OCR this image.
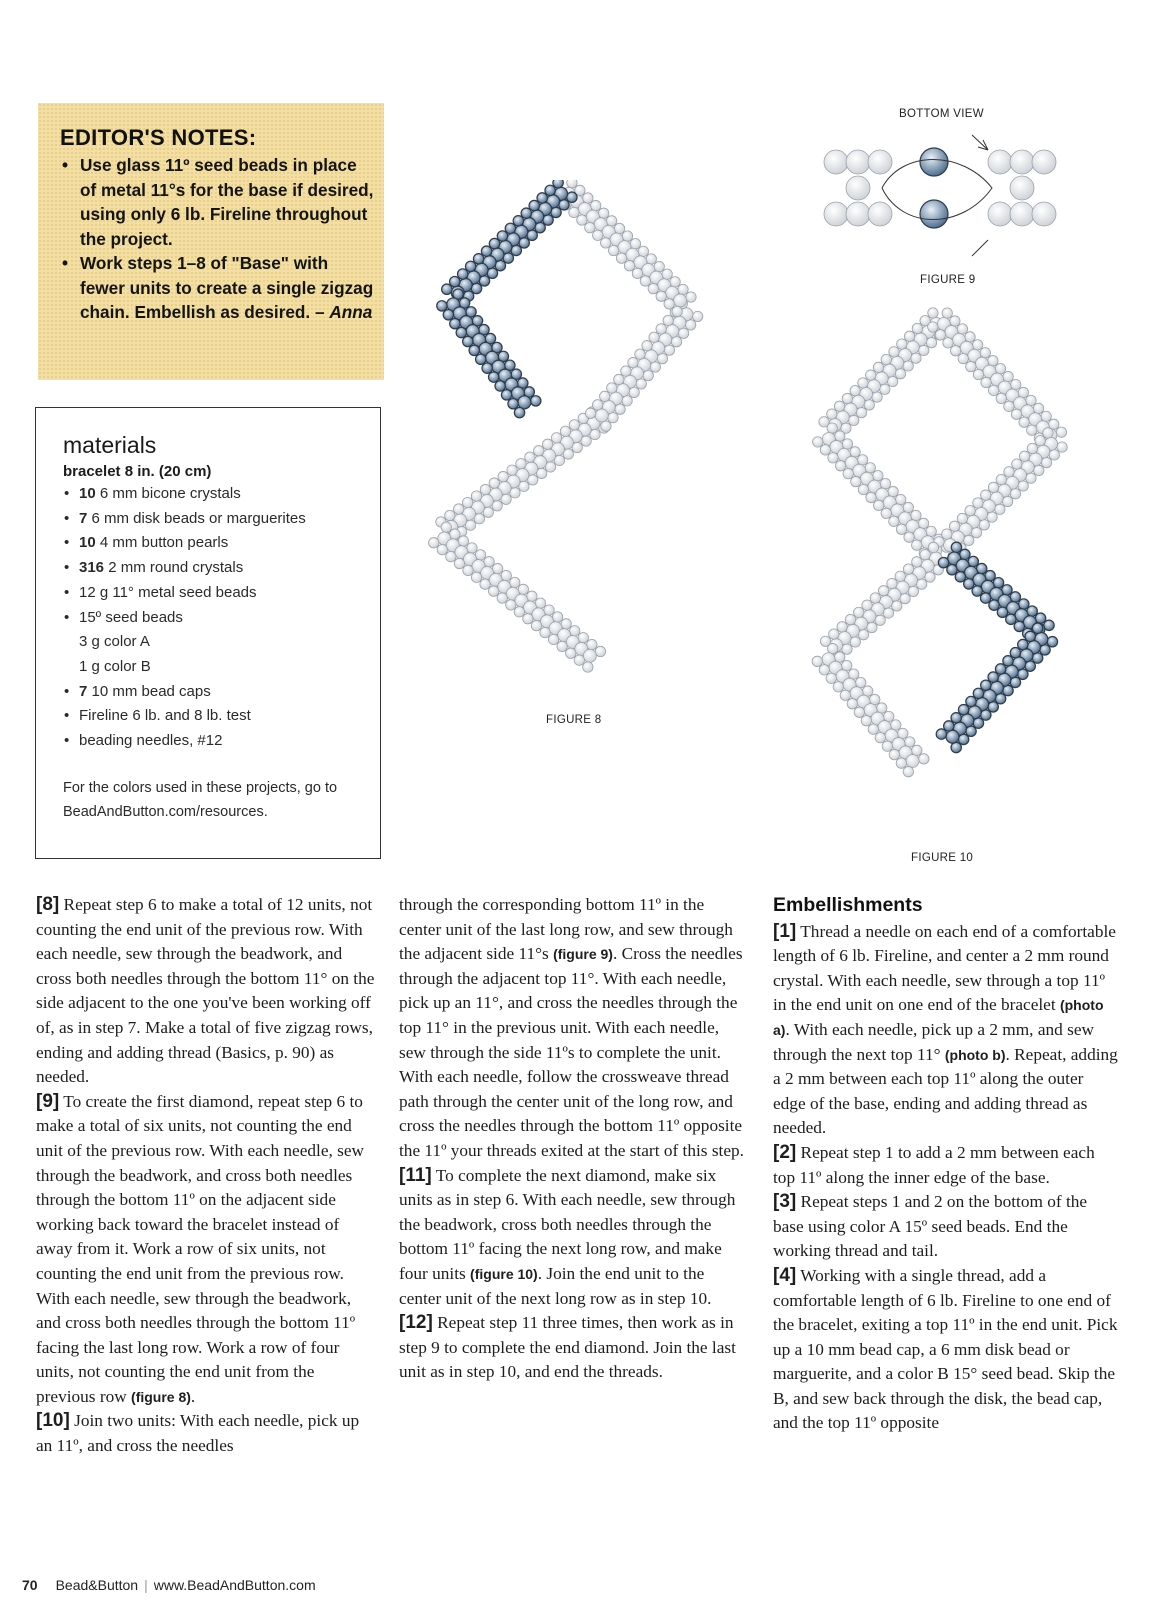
EDITOR'S NOTES:
• Use glass 11º seed beads in place of metal 11°s for the base if desired, using only 6 lb. Fireline throughout the project.
• Work steps 1–8 of "Base" with fewer units to create a single zigzag chain. Embellish as desired. – Anna
materials
bracelet 8 in. (20 cm)
• 10 6 mm bicone crystals
• 7 6 mm disk beads or marguerites
• 10 4 mm button pearls
• 316 2 mm round crystals
• 12 g 11° metal seed beads
• 15º seed beads
3 g color A
1 g color B
• 7 10 mm bead caps
• Fireline 6 lb. and 8 lb. test
• beading needles, #12
For the colors used in these projects, go to BeadAndButton.com/resources.
FIGURE 8
BOTTOM VIEW
FIGURE 9
FIGURE 10

[8] Repeat step 6 to make a total of 12 units, not counting the end unit of the previous row. With each needle, sew through the beadwork, and cross both needles through the bottom 11° on the side adjacent to the one you've been working off of, as in step 7. Make a total of five zigzag rows, ending and adding thread (Basics, p. 90) as needed.

[9] To create the first diamond, repeat step 6 to make a total of six units, not counting the end unit of the previous row. With each needle, sew through the beadwork, and cross both needles through the bottom 11º on the adjacent side working back toward the bracelet instead of away from it. Work a row of six units, not counting the end unit from the previous row. With each needle, sew through the beadwork, and cross both needles through the bottom 11º facing the last long row. Work a row of four units, not counting the end unit from the previous row (figure 8).

[10] Join two units: With each needle, pick up an 11º, and cross the needles

through the corresponding bottom 11º in the center unit of the last long row, and sew through the adjacent side 11°s (figure 9). Cross the needles through the adjacent top 11°. With each needle, pick up an 11°, and cross the needles through the top 11° in the previous unit. With each needle, sew through the side 11ºs to complete the unit. With each needle, follow the crossweave thread path through the center unit of the long row, and cross the needles through the bottom 11º opposite the 11º your threads exited at the start of this step.

[11] To complete the next diamond, make six units as in step 6. With each needle, sew through the beadwork, cross both needles through the bottom 11º facing the next long row, and make four units (figure 10). Join the end unit to the center unit of the next long row as in step 10.

[12] Repeat step 11 three times, then work as in step 9 to complete the end diamond. Join the last unit as in step 10, and end the threads.

Embellishments

[1] Thread a needle on each end of a comfortable length of 6 lb. Fireline, and center a 2 mm round crystal. With each needle, sew through a top 11º in the end unit on one end of the bracelet (photo a). With each needle, pick up a 2 mm, and sew through the next top 11° (photo b). Repeat, adding a 2 mm between each top 11º along the outer edge of the base, ending and adding thread as needed.

[2] Repeat step 1 to add a 2 mm between each top 11º along the inner edge of the base.

[3] Repeat steps 1 and 2 on the bottom of the base using color A 15º seed beads. End the working thread and tail.

[4] Working with a single thread, add a comfortable length of 6 lb. Fireline to one end of the bracelet, exiting a top 11º in the end unit. Pick up a 10 mm bead cap, a 6 mm disk bead or marguerite, and a color B 15° seed bead. Skip the B, and sew back through the disk, the bead cap, and the top 11º opposite

70 Bead&Button | www.BeadAndButton.com
